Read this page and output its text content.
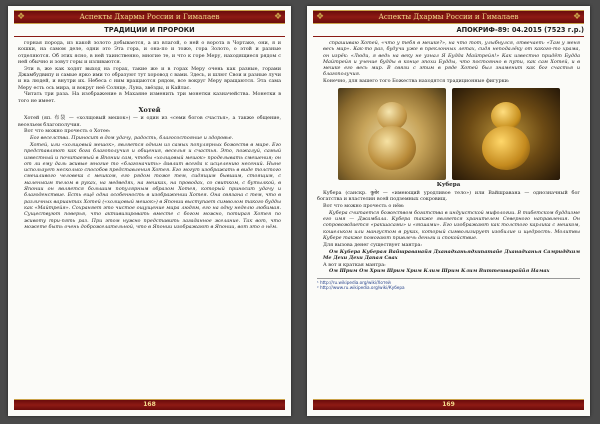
❖	Аспекты Дхармы России и Гималаев	❖
ТРАДИЦИИ И ПРОРОКИ

горная порода, из какой золото добывается, а из влагой, о ней о ворота в Чортаке, они, я и кошки, на самом деле, одни это Эта гора, и она-по и тоже, гора Золото, о этой и разные отделяются. Об этих ясно, в ней таинственно, многие те, и что к горе Меру, находящиеся рядом с ней обычно и зовут горы и изливаются.

Эти в, же как ходят выход на горах, такие же и в горах Меру очень как разные, горами Джамбудвипу и самые ярко ими то образуют тут хоровод с вами. Здесь, и шлют Свои и разные лучи и на людей, и внутри их. Небеса с ним вращаются рядом, все вокруг Меру вращаются. Эта сама Меру есть ось мира, и вокруг неё Солнце, Луна, звёзды, и Кайлас.

Читать три раза. На изображение в Махаяне изменить три монетки казначейства. Монетки в того не имеет.

Хотей

Хотей (яп. 布袋 — «холщовый мешок») — и один из «семи богов счастья», а также общение, весельем благополучия.

Вот что можно прочесть о Хотее:

Бог веселства. Приносит в дом удачу, радость, благосостояние и здоровье.

Хотей, или «холщовый мешок», является одним из самых популярных божеств в мире. Его представляют как бога благополучия и общения, веселья и счастья. Это, пожалуй, самый известный и почитаемый в Японии сам, чтобы «холщовый мешок» проделывать смешения; он от ли ему даль живые многие то «благоначить» давлит всегда к исцелению несений. Ныне использует несколько способов представления Хотея. Его могут изображать в виде толстого смешливого человека с мешком, его рядом тоже тем, сидящим бывшим, стоящим, с маленьким телом в руках, на медведях, на мешках, на проводах, со свитком, с бутылкой, в Японии он является большим популярным образом Хотея, который приносит удачу и благоденствие. Есть ещё одна особенность в изображении Хотея. Она связана с тем, что в различных вариантах Хотей («холщовый мешок») в Японии выступает символом такого будды как «Майтрейя». Сохраняет это чистое ощущение мира людям, его на одну неделю любимая. Существуют поверья, что активизировать вместе с богом можно, потирая Хотея по животу три-пять раз. При этом нужно представить загаданное желание. Так вот, что можете быть очень доброжелательной, что в Японии изображают в Японии, вот это о нём.

168
❖	Аспекты Дхармы России и Гималаев	❖
АПОКРИФ-89: 04.2015 (7523 г.р.)

спрашиваю Хотей, «что у тебя в мешке?», на что тот, улыбнулся, отвечает: «Там у меня весь мир». Как-то раз, будучи уже в преклонных летах, сидя неподалёку от какого-то храма, он изрёк: «Люди, я ведь на веку не узнал Я Будда Майтрейя!» Как известно придёт Будда Майтрейя и учение будды в конце эпохи Будды, что постоянно в пути, как сам Хотей, и в мешке его весь мир. В связи с этим в ряде Хотей был знаменит как бог счастья и благополучия.

Конечно, для вашего того Божества находятся традиционные фигурки:

Кубера

Кубера (санскр. कुबेर — «имеющий уродливое тело») или Вайшравана — однозначный бог богатства и властелин всей подземных сокровищ.

Вот что можно прочесть о нём:

Кубера считается божеством богатства в индуистской мифологии. В тибетском буддизме его имя — Джамбала. Кубера также является хранителем Северного направления. Он сопровождается «ракшасами» и «якшами». Его изображают как толстого карлика с мешком, кошельком или мангустом в руках, который символизирует изобилие и щедрость. Молитвы Кубере также помогают привлечь деньги и спокойствие.

Для вызова денег существует мантра:

Ом Кубера Куберая Вайшраванайя Дханадханьядхипатайе Дханадханья Самриддхим Ме Дехи Дехи Дапая Свах

А вот и краткая мантра:

Ом Шрим Ом Хрим Шрим Хрим Клим Шрим Клим Виттешвараййя Намах

¹ http://ru.wikipedia.org/wiki/Хотей
² http://www.ru.wikipedia.org/wiki/Кубера
169
